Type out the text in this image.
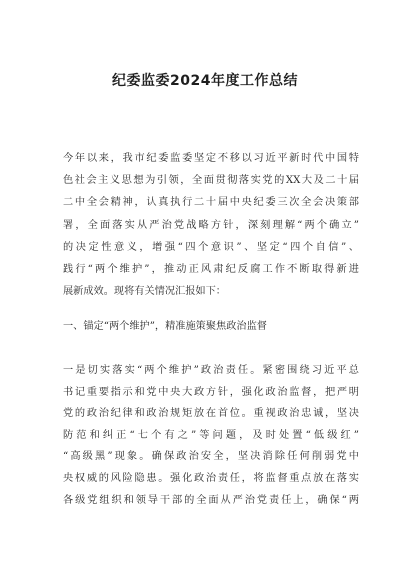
纪委监委2024年度工作总结
今年以来，我市纪委监委坚定不移以习近平新时代中国特
色社会主义思想为引领，全面贯彻落实党的XX大及二十届
二中全会精神，认真执行二十届中央纪委三次全会决策部
署，全面落实从严治党战略方针，深刻理解“两个确立”
的决定性意义，增强“四个意识”、坚定“四个自信”、
践行“两个维护”，推动正风肃纪反腐工作不断取得新进
展新成效。现将有关情况汇报如下：
一、锚定“两个维护”，精准施策聚焦政治监督
一是切实落实“两个维护”政治责任。紧密围绕习近平总
书记重要指示和党中央大政方针，强化政治监督，把严明
党的政治纪律和政治规矩放在首位。重视政治忠诚，坚决
防范和纠正“七个有之”等问题，及时处置“低级红”
“高级黑”现象。确保政治安全，坚决消除任何削弱党中
央权威的风险隐患。强化政治责任，将监督重点放在落实
各级党组织和领导干部的全面从严治党责任上，确保“两
